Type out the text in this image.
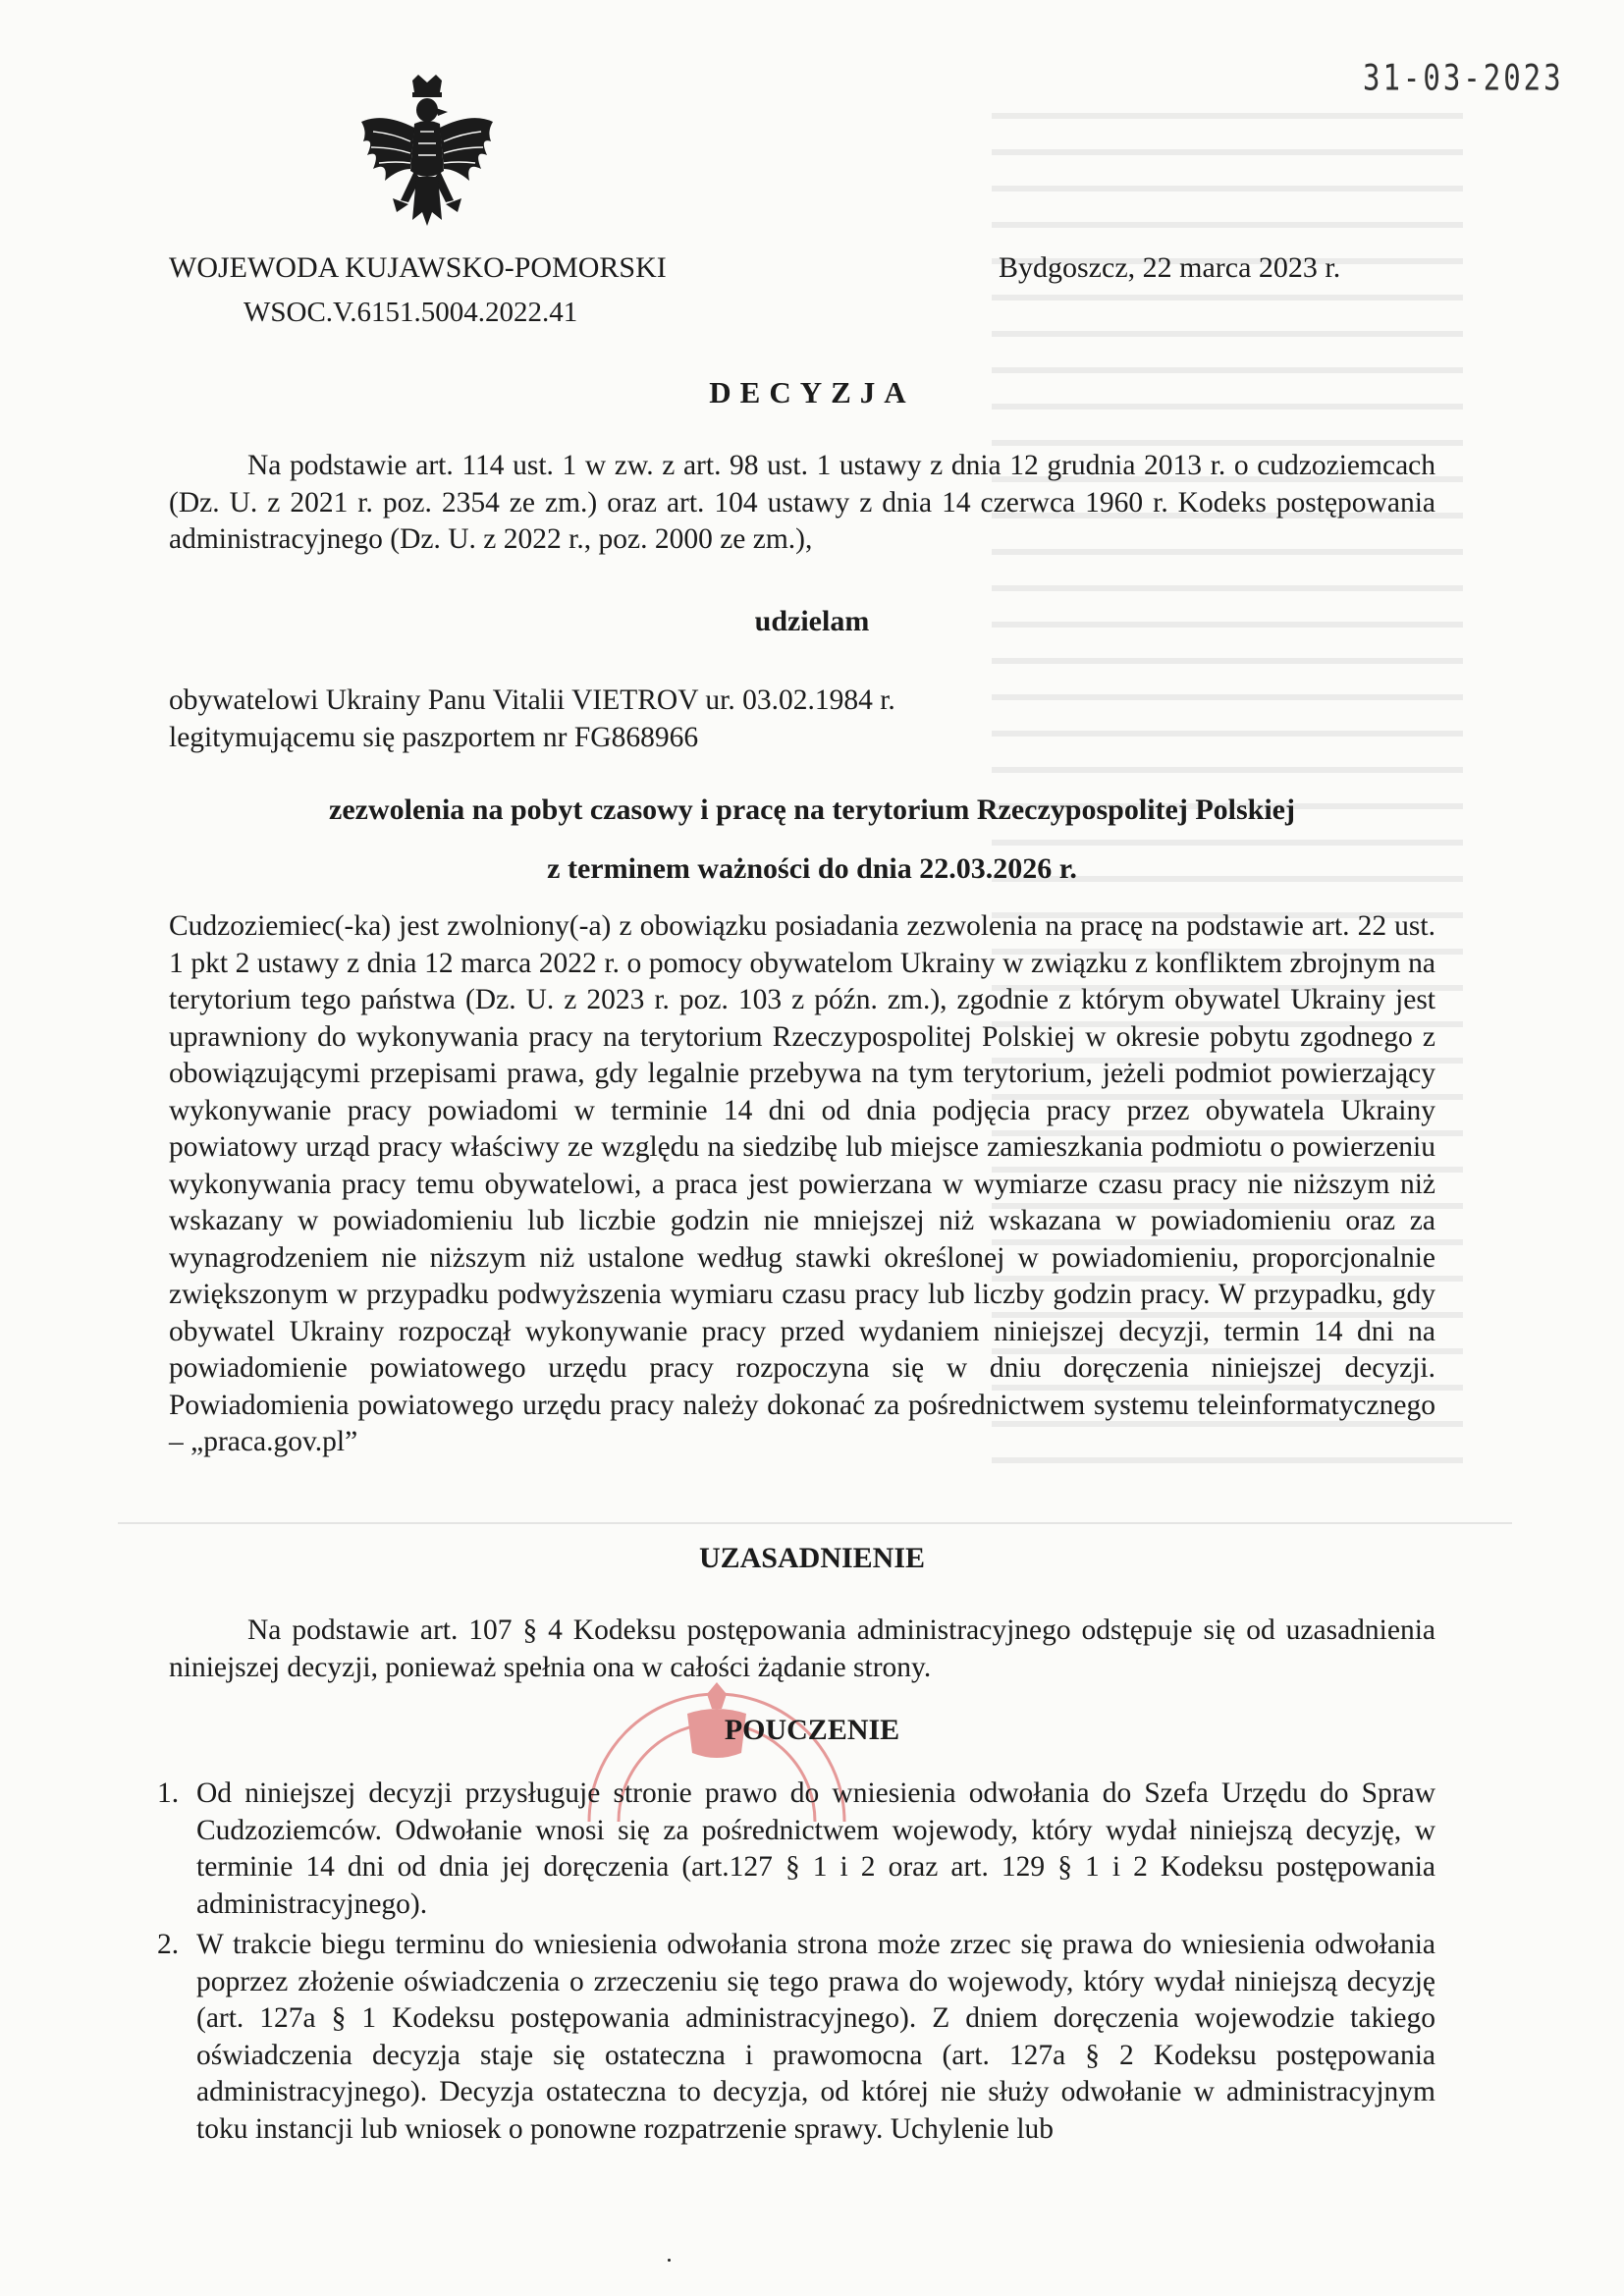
31-03-2023
WOJEWODA KUJAWSKO-POMORSKI
WSOC.V.6151.5004.2022.41
Bydgoszcz, 22 marca 2023 r.
DECYZJA

Na podstawie art. 114 ust. 1 w zw. z art. 98 ust. 1 ustawy z dnia 12 grudnia 2013 r. o cudzoziemcach (Dz. U. z 2021 r. poz. 2354 ze zm.) oraz art. 104 ustawy z dnia 14 czerwca 1960 r. Kodeks postępowania administracyjnego (Dz. U. z 2022 r., poz. 2000 ze zm.),

udzielam

obywatelowi Ukrainy Panu Vitalii VIETROV ur. 03.02.1984 r.

legitymującemu się paszportem nr FG868966

zezwolenia na pobyt czasowy i pracę na terytorium Rzeczypospolitej Polskiej
z terminem ważności do dnia 22.03.2026 r.

Cudzoziemiec(-ka) jest zwolniony(-a) z obowiązku posiadania zezwolenia na pracę na podstawie art. 22 ust. 1 pkt 2 ustawy z dnia 12 marca 2022 r. o pomocy obywatelom Ukrainy w związku z konfliktem zbrojnym na terytorium tego państwa (Dz. U. z 2023 r. poz. 103 z późn. zm.), zgodnie z którym obywatel Ukrainy jest uprawniony do wykonywania pracy na terytorium Rzeczypospolitej Polskiej w okresie pobytu zgodnego z obowiązującymi przepisami prawa, gdy legalnie przebywa na tym terytorium, jeżeli podmiot powierzający wykonywanie pracy powiadomi w terminie 14 dni od dnia podjęcia pracy przez obywatela Ukrainy powiatowy urząd pracy właściwy ze względu na siedzibę lub miejsce zamieszkania podmiotu o powierzeniu wykonywania pracy temu obywatelowi, a praca jest powierzana w wymiarze czasu pracy nie niższym niż wskazany w powiadomieniu lub liczbie godzin nie mniejszej niż wskazana w powiadomieniu oraz za wynagrodzeniem nie niższym niż ustalone według stawki określonej w powiadomieniu, proporcjonalnie zwiększonym w przypadku podwyższenia wymiaru czasu pracy lub liczby godzin pracy. W przypadku, gdy obywatel Ukrainy rozpoczął wykonywanie pracy przed wydaniem niniejszej decyzji, termin 14 dni na powiadomienie powiatowego urzędu pracy rozpoczyna się w dniu doręczenia niniejszej decyzji. Powiadomienia powiatowego urzędu pracy należy dokonać za pośrednictwem systemu teleinformatycznego – „praca.gov.pl”

UZASADNIENIE

Na podstawie art. 107 § 4 Kodeksu postępowania administracyjnego odstępuje się od uzasadnienia niniejszej decyzji, ponieważ spełnia ona w całości żądanie strony.

POUCZENIE
1. Od niniejszej decyzji przysługuje stronie prawo do wniesienia odwołania do Szefa Urzędu do Spraw Cudzoziemców. Odwołanie wnosi się za pośrednictwem wojewody, który wydał niniejszą decyzję, w terminie 14 dni od dnia jej doręczenia (art.127 § 1 i 2 oraz art. 129 § 1 i 2 Kodeksu postępowania administracyjnego).
2. W trakcie biegu terminu do wniesienia odwołania strona może zrzec się prawa do wniesienia odwołania poprzez złożenie oświadczenia o zrzeczeniu się tego prawa do wojewody, który wydał niniejszą decyzję (art. 127a § 1 Kodeksu postępowania administracyjnego). Z dniem doręczenia wojewodzie takiego oświadczenia decyzja staje się ostateczna i prawomocna (art. 127a § 2 Kodeksu postępowania administracyjnego). Decyzja ostateczna to decyzja, od której nie służy odwołanie w administracyjnym toku instancji lub wniosek o ponowne rozpatrzenie sprawy. Uchylenie lub
